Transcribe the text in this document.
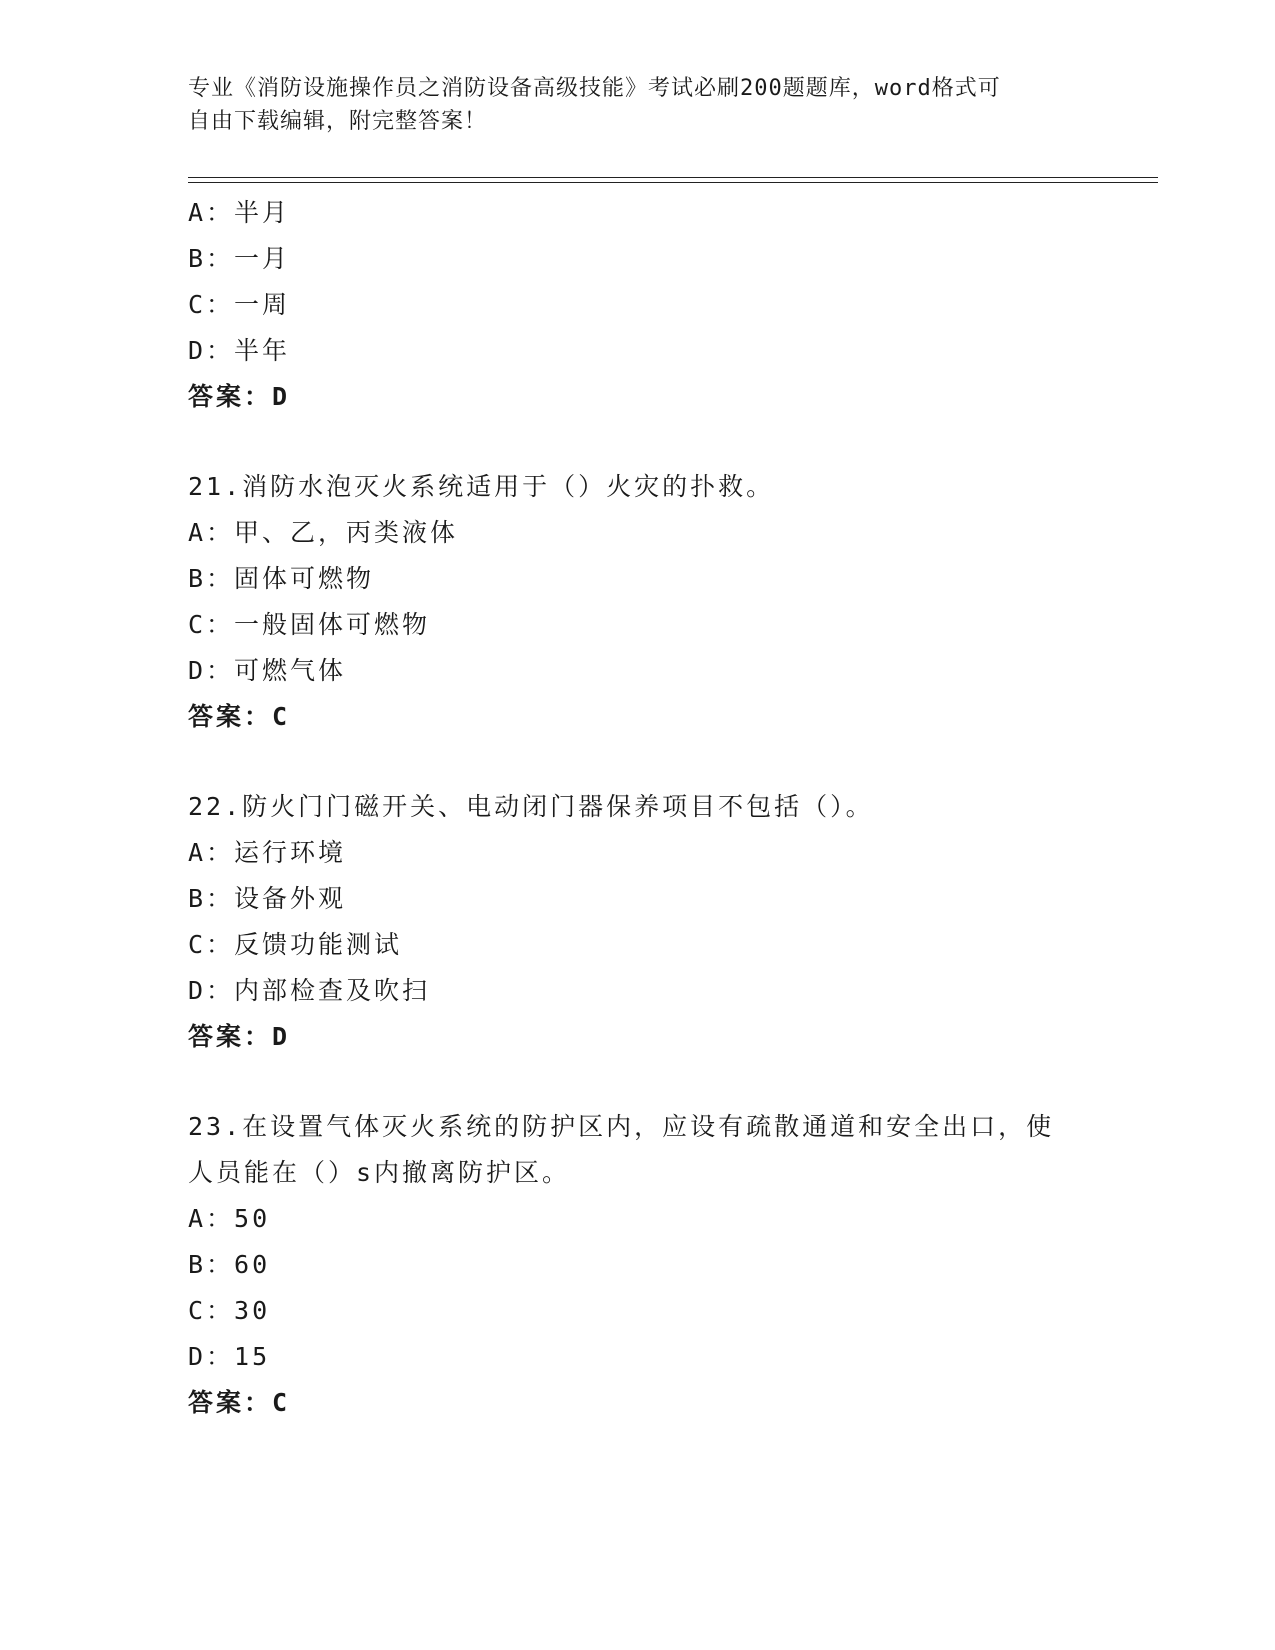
专业《消防设施操作员之消防设备高级技能》考试必刷200题题库，word格式可
自由下载编辑，附完整答案！
A：半月
B：一月
C：一周
D：半年
答案：D
21.消防水泡灭火系统适用于（）火灾的扑救。
A：甲、乙，丙类液体
B：固体可燃物
C：一般固体可燃物
D：可燃气体
答案：C
22.防火门门磁开关、电动闭门器保养项目不包括（）。
A：运行环境
B：设备外观
C：反馈功能测试
D：内部检查及吹扫
答案：D
23.在设置气体灭火系统的防护区内，应设有疏散通道和安全出口，使
人员能在（）s内撤离防护区。
A：50
B：60
C：30
D：15
答案：C
